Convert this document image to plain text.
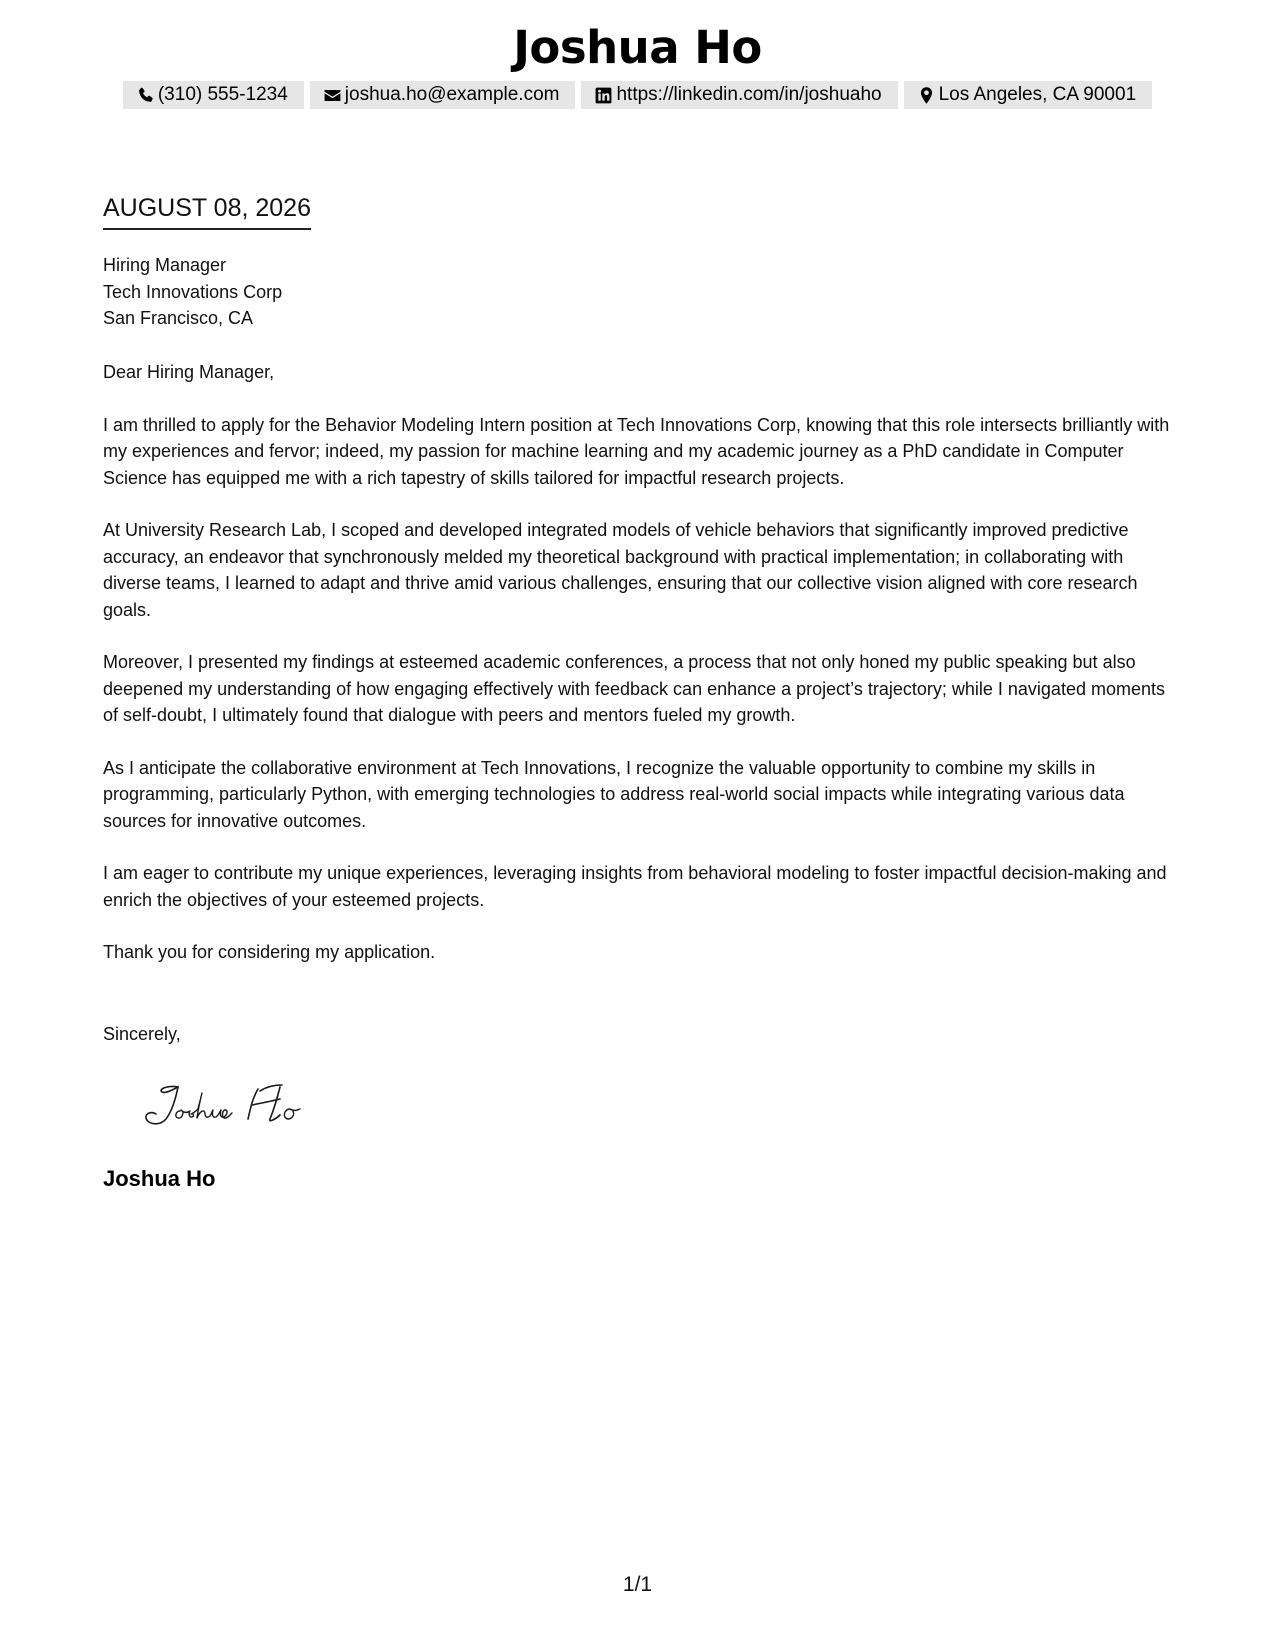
Joshua Ho
(310) 555-1234	joshua.ho@example.com	https://linkedin.com/in/joshuaho	Los Angeles, CA 90001
AUGUST 08, 2026
Hiring Manager
Tech Innovations Corp
San Francisco, CA

Dear Hiring Manager,

I am thrilled to apply for the Behavior Modeling Intern position at Tech Innovations Corp, knowing that this role intersects brilliantly with my experiences and fervor; indeed, my passion for machine learning and my academic journey as a PhD candidate in Computer Science has equipped me with a rich tapestry of skills tailored for impactful research projects.

At University Research Lab, I scoped and developed integrated models of vehicle behaviors that significantly improved predictive accuracy, an endeavor that synchronously melded my theoretical background with practical implementation; in collaborating with diverse teams, I learned to adapt and thrive amid various challenges, ensuring that our collective vision aligned with core research goals.

Moreover, I presented my findings at esteemed academic conferences, a process that not only honed my public speaking but also deepened my understanding of how engaging effectively with feedback can enhance a project’s trajectory; while I navigated moments of self-doubt, I ultimately found that dialogue with peers and mentors fueled my growth.

As I anticipate the collaborative environment at Tech Innovations, I recognize the valuable opportunity to combine my skills in programming, particularly Python, with emerging technologies to address real-world social impacts while integrating various data sources for innovative outcomes.

I am eager to contribute my unique experiences, leveraging insights from behavioral modeling to foster impactful decision-making and enrich the objectives of your esteemed projects.

Thank you for considering my application.

Sincerely,
Joshua Ho
1/1
